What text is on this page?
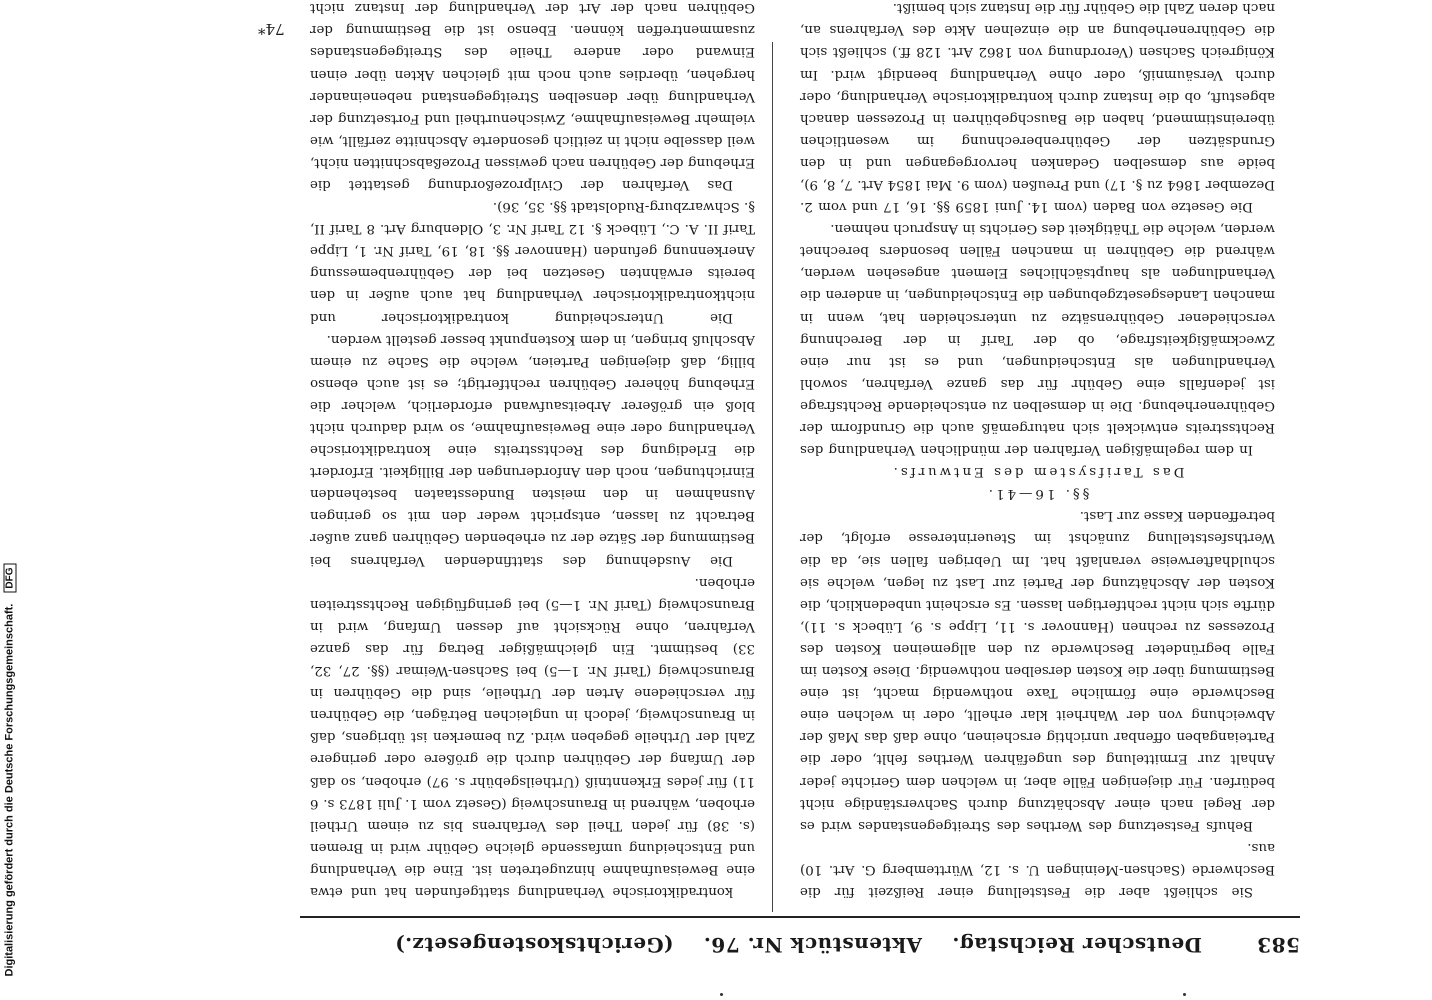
Digitalisierung gefördert durch die Deutsche Forschungsgemeinschaft. DFG
583
Deutscher Reichstag.    Aktenstück Nr. 76.    (Gerichtskostengesetz.)

Sie schließt aber die Feststellung einer Reißzeit für die Beschwerde (Sachsen-Meiningen U. s. 12, Württemberg G. Art. 10) aus.

Behufs Festsetzung des Werthes des Streitgegenstandes wird es der Regel nach einer Abschätzung durch Sachverständige nicht bedürfen. Für diejenigen Fälle aber, in welchen dem Gerichte jeder Anhalt zur Ermittelung des ungefähren Werthes fehlt, oder die Parteiangaben offenbar unrichtig erscheinen, ohne daß das Maß der Abweichung von der Wahrheit klar erhellt, oder in welchen eine Beschwerde eine förmliche Taxe nothwendig macht, ist eine Bestimmung über die Kosten derselben nothwendig. Diese Kosten im Falle begründeter Beschwerde zu den allgemeinen Kosten des Prozesses zu rechnen (Hannover s. 11, Lippe s. 9, Lübeck s. 11), dürfte sich nicht rechtfertigen lassen. Es erscheint unbedenklich, die Kosten der Abschätzung der Partei zur Last zu legen, welche sie schuldhafterweise veranlaßt hat. Im Uebrigen fallen sie, da die Werthsfeststellung zunächst im Steuerinteresse erfolgt, der betreffenden Kasse zur Last.

§§. 16—41.

Das Tarifsystem des Entwurfs.

In dem regelmäßigen Verfahren der mündlichen Verhandlung des Rechtsstreits entwickelt sich naturgemäß auch die Grundform der Gebührenerhebung. Die in demselben zu entscheidende Rechtsfrage ist jedenfalls eine Gebühr für das ganze Verfahren, sowohl Verhandlungen als Entscheidungen, und es ist nur eine Zweckmäßigkeitsfrage, ob der Tarif in der Berechnung verschiedener Gebührensätze zu unterscheiden hat, wenn in manchen Landesgesetzgebungen die Entscheidungen, in anderen die Verhandlungen als hauptsächliches Element angesehen werden, während die Gebühren in manchen Fällen besonders berechnet werden, welche die Thätigkeit des Gerichts in Anspruch nehmen.

Die Gesetze von Baden (vom 14. Juni 1859 §§. 16, 17 und vom 2. Dezember 1864 zu §. 17) und Preußen (vom 9. Mai 1854 Art. 7, 8, 9), beide aus demselben Gedanken hervorgegangen und in den Grundsätzen der Gebührenberechnung im wesentlichen übereinstimmend, haben die Bauschgebühren in Prozessen danach abgestuft, ob die Instanz durch kontradiktorische Verhandlung, oder durch Versäumniß, oder ohne Verhandlung beendigt wird. Im Königreich Sachsen (Verordnung von 1862 Art. 128 ff.) schließt sich die Gebührenerhebung an die einzelnen Akte des Verfahrens an, nach deren Zahl die Gebühr für die Instanz sich bemißt.

kontradiktorische Verhandlung stattgefunden hat und etwa eine Beweisaufnahme hinzugetreten ist. Eine die Verhandlung und Entscheidung umfassende gleiche Gebühr wird in Bremen (s. 38) für jeden Theil des Verfahrens bis zu einem Urtheil erhoben, während in Braunschweig (Gesetz vom 1. Juli 1873 s. 6 11) für jedes Erkenntniß (Urtheilsgebühr s. 97) erhoben, so daß der Umfang der Gebühren durch die größere oder geringere Zahl der Urtheile gegeben wird. Zu bemerken ist übrigens, daß in Braunschweig, jedoch in ungleichen Beträgen, die Gebühren für verschiedene Arten der Urtheile, sind die Gebühren in Braunschweig (Tarif Nr. 1—5) bei Sachsen-Weimar (§§. 27, 32, 33) bestimmt. Ein gleichmäßiger Betrag für das ganze Verfahren, ohne Rücksicht auf dessen Umfang, wird in Braunschweig (Tarif Nr. 1—5) bei geringfügigen Rechtsstreiten erhoben.

Die Ausdehnung des stattfindenden Verfahrens bei Bestimmung der Sätze der zu erhebenden Gebühren ganz außer Betracht zu lassen, entspricht weder den mit so geringen Ausnahmen in den meisten Bundesstaaten bestehenden Einrichtungen, noch den Anforderungen der Billigkeit. Erfordert die Erledigung des Rechtsstreits eine kontradiktorische Verhandlung oder eine Beweisaufnahme, so wird dadurch nicht bloß ein größerer Arbeitsaufwand erforderlich, welcher die Erhebung höherer Gebühren rechtfertigt; es ist auch ebenso billig, daß diejenigen Parteien, welche die Sache zu einem Abschluß bringen, in dem Kostenpunkt besser gestellt werden.

Die Unterscheidung kontradiktorischer und nichtkontradiktorischer Verhandlung hat auch außer in den bereits erwähnten Gesetzen bei der Gebührenbemessung Anerkennung gefunden (Hannover §§. 18, 19, Tarif Nr. 1, Lippe Tarif II. A. C., Lübeck §. 12 Tarif Nr. 3, Oldenburg Art. 8 Tarif II, §. Schwarzburg-Rudolstadt §§. 35, 36).

Das Verfahren der Civilprozeßordnung gestattet die Erhebung der Gebühren nach gewissen Prozeßabschnitten nicht, weil dasselbe nicht in zeitlich gesonderte Abschnitte zerfällt, wie vielmehr Beweisaufnahme, Zwischenurtheil und Fortsetzung der Verhandlung über denselben Streitgegenstand nebeneinander hergehen, überdies auch noch mit gleichen Akten über einen Einwand oder andere Theile des Streitgegenstandes zusammentreffen können. Ebenso ist die Bestimmung der Gebühren nach der Art der Verhandlung der Instanz nicht

74*
